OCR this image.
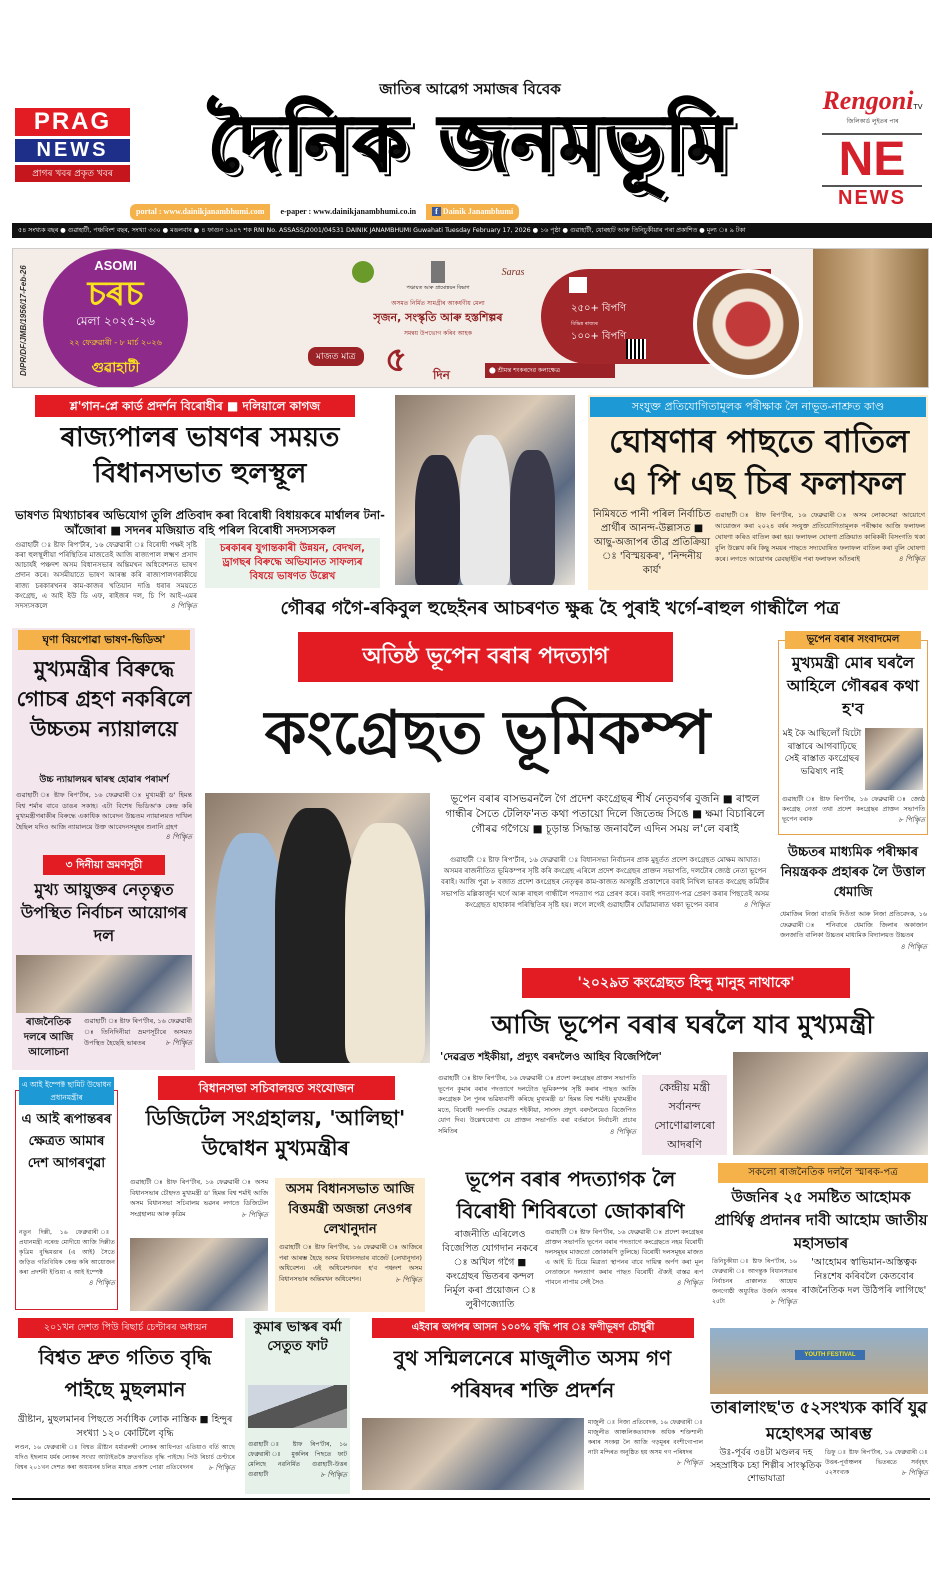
জাতিৰ আৱেগ সমাজৰ বিবেক
দৈনিক জনমভূমি
PRAG
NEWS
প্ৰাগৰ খবৰ প্ৰকৃত খবৰ
RengoniTV
জিলিকাৰ্ড লুইতৰ পাৰ
NE
NEWS
portal : www.dainikjanambhumi.com	e-paper : www.dainikjanambhumi.co.in	f Dainik Janambhumi
৫৪ সংখ্যক বছৰ ● গুৱাহাটী, পঞ্চবিংশ বছৰ, সংখ্যা ৩৩০ ● মঙলবাৰ ● ৪ ফাগুন ১৯৪৭ শক RNI No. ASSASS/2001/04531 DAINIK JANAMBHUMI Guwahati Tuesday February 17, 2026 ● ১৬ পৃষ্ঠা ● গুৱাহাটী, যোৰহাট আৰু তিনিচুকীয়াৰ পৰা প্ৰকাশিত ● মূল্য ঃ ৯ টকা
DIPR/DF/JMB/1956/17-Feb-26	ASOMI
চৰচ
মেলা ২০২৫-২৬
২২ ফেব্ৰুৱাৰী - ৮ মাৰ্চ ২০২৬
গুৱাহাটী
Saras
পঞ্চায়ত আৰু গ্ৰামোন্নয়ন বিভাগ
অসমত নিৰ্মিত সামগ্ৰীৰ আকৰ্ষণীয় মেলা
সৃজন, সংস্কৃতি আৰু হস্তশিল্পৰ
সমন্বয় উপভোগ কৰিব আহক
মাজত মাত্ৰ ৫ দিন	⬤ শ্ৰীমন্ত শংকৰদেৱ কলাক্ষেত্ৰ
২৫০+ বিপণি
বিভিন্ন ৰাজ্যৰ
১০০+ বিপণি
শ্ল'গান-প্লে কাৰ্ড প্ৰদৰ্শন বিৰোধীৰ ■ দলিয়ালে কাগজ
ৰাজ্যপালৰ ভাষণৰ সময়ত বিধানসভাত হুলস্থূল
ভাষণত মিথ্যাচাৰৰ অভিযোগ তুলি প্ৰতিবাদ কৰা বিৰোধী বিধায়কৰে মাৰ্শ্বালৰ টনা-আঁজোৰা ■ সদনৰ মজিয়াত বহি পৰিল বিৰোধী সদস্যসকল
গুৱাহাটী ঃ ষ্টাফ ৰিপ'ৰ্টাৰ, ১৬ ফেব্ৰুৱাৰী ঃ বিৰোধী পক্ষই সৃষ্টি কৰা হুলস্থূলীয়া পৰিস্থিতিৰ মাজতেই আজি ৰাজ্যপাল লক্ষ্মণ প্ৰসাদ আচাৰ্যই পঞ্চদশ অসম বিধানসভাৰ অন্তিমখন অধিবেশনত ভাষণ প্ৰদান কৰে। অসমীয়াতে ভাষণ আৰম্ভ কৰি ৰাজ্যপালগৰাকীয়ে ৰাজ্য চৰকাৰখনৰ কাম-কাজৰ খতিয়ান দাঙি ধৰাৰ সময়তে কংগ্ৰেছ, এ আই ইউ ডি এফ, ৰাইজৰ দল, চি পি আই-এমৰ সদস্যসকলে	৪ পিৠিত
চৰকাৰৰ যুগান্তকাৰী উন্নয়ন, বেদখল, ড্ৰাগছৰ বিৰুদ্ধে অভিযানত সাফল্যৰ বিষয়ে ভাষণত উল্লেখ
সংযুক্ত প্ৰতিযোগিতামূলক পৰীক্ষাক লৈ নাভূত-নাশ্ৰুত কাণ্ড
ঘোষণাৰ পাছতে বাতিল এ পি এছ চিৰ ফলাফল
নিমিষতে পানী পৰিল নিৰ্বাচিত প্ৰাৰ্থীৰ আনন্দ-উল্লাসত ■ আছু-অজাপৰ তীব্ৰ প্ৰতিক্ৰিয়া ঃ 'বিস্ময়কৰ', 'নিন্দনীয় কাৰ্য'
গুৱাহাটী ঃ ষ্টাফ ৰিপ'ৰ্টাৰ, ১৬ ফেব্ৰুৱাৰী ঃ অসম লোকসেৱা আয়োগে আয়োজন কৰা ২০২৪ বৰ্ষৰ সংযুক্ত প্ৰতিযোগিতামূলক পৰীক্ষাৰ আজি ফলাফল ঘোষণা কৰিও বাতিল কৰা হয়। ফলাফল ঘোষণা প্ৰক্ৰিয়াত কাৰিকৰী বিসংগতি থকা বুলি উল্লেখ কৰি কিছু সময়ৰ পাছতে সদ্যঘোষিত ফলাফল বাতিল কৰা বুলি ঘোষণা কৰে। লগতে আয়োগৰ ৱেবছাইটৰ পৰা ফলাফল আঁতৰাই	৪ পিৠিত
গৌৰৱ গগৈ-ৰকিবুল হুছেইনৰ আচৰণত ক্ষুব্ধ হৈ পুৰাই খৰ্গে-ৰাহুল গান্ধীলৈ পত্ৰ
ঘৃণা বিয়পোৱা ভাষণ-ভিডিঅ'
মুখ্যমন্ত্ৰীৰ বিৰুদ্ধে গোচৰ গ্ৰহণ নকৰিলে উচ্চতম ন্যায়ালয়ে
উচ্চ ন্যায়ালয়ৰ দ্বাৰস্থ হোৱাৰ পৰামৰ্শ
গুৱাহাটী ঃ ষ্টাফ ৰিপ'ৰ্টাৰ, ১৬ ফেব্ৰুৱাৰী ঃ মুখ্যমন্ত্ৰী ড' হিমন্ত বিশ্ব শৰ্মাৰ বাবে ডাঙৰ সকাহ। এটা বিশেষ ভিডিঅ'ক কেন্দ্ৰ কৰি মুখ্যমন্ত্ৰীগৰাকীৰ বিৰুদ্ধে একাধিক আবেদন উচ্চতম ন্যায়ালয়ত দাখিল হৈছিল যদিও আজি ন্যায়ালয়ে উক্ত আবেদনসমূহৰ শুনানি গ্ৰহণ
৪ পিৠিত
৩ দিনীয়া ভ্ৰমণসূচী
মুখ্য আয়ুক্তৰ নেতৃত্বত উপস্থিত নিৰ্বাচন আয়োগৰ দল
ৰাজনৈতিক দলৰে আজি আলোচনা
গুৱাহাটী ঃ ষ্টাফ ৰিপ'ৰ্টাৰ, ১৬ ফেব্ৰুৱাৰী ঃ তিনিদিনীয়া ভ্ৰমণসূচীৰে অসমত উপস্থিত হৈছেহি ভাৰতৰ	৮ পিৠিত
অতিষ্ঠ ভূপেন বৰাৰ পদত্যাগ
কংগ্ৰেছত ভূমিকম্প
ভূপেন বৰাৰ বাসভৱনলৈ গৈ প্ৰদেশ কংগ্ৰেছৰ শীৰ্ষ নেতৃবৰ্গৰ বুজনি ■ ৰাহুল গান্ধীৰ সৈতে টেলিফ'নত কথা পতায়ো দিলে জিতেন্দ্ৰ সিঙে ■ ক্ষমা বিচাৰিলে গৌৰৱ গগৈয়ে ■ চূড়ান্ত সিদ্ধান্ত জনাবলৈ এদিন সময় ল'লে বৰাই
গুৱাহাটী ঃ ষ্টাফ ৰিপ'ৰ্টাৰ, ১৬ ফেব্ৰুৱাৰী ঃ বিধানসভা নিৰ্বাচনৰ প্ৰাক মুহূৰ্তত প্ৰদেশ কংগ্ৰেছত মোক্ষম আঘাত। অসমৰ ৰাজনীতিত ভূমিকম্পৰ সৃষ্টি কৰি কংগ্ৰেছ এৰিলে প্ৰদেশ কংগ্ৰেছৰ প্ৰাক্তন সভাপতি, দলটোৰ জ্যেষ্ঠ নেতা ভূপেন বৰাই। আজি পুৱা ৮ বজাত প্ৰদেশ কংগ্ৰেছৰ নেতৃত্বৰ কাম-কাজত অসন্তুষ্টি প্ৰকাশেৰে বৰাই নিখিল ভাৰত কংগ্ৰেছ কমিটীৰ সভাপতি মল্লিকাৰ্জুন খৰ্গে আৰু ৰাহুল গান্ধীলৈ পদত্যাগ পত্ৰ প্ৰেৰণ কৰে। বৰাই পদত্যাগ-পত্ৰ প্ৰেৰণ কৰাৰ পিছতেই অসম কংগ্ৰেছত হাহাকাৰ পৰিস্থিতিৰ সৃষ্টি হয়। লগে লগেই গুৱাহাটীৰ ঘোঁৱামাৰাত থকা ভূপেন বৰাৰ	৪ পিৠিত
ভূপেন বৰাৰ সংবাদমেল
মুখ্যমন্ত্ৰী মোৰ ঘৰলৈ আহিলে গৌৰৱৰ কথা হ'ব
মই কৈ আছিলোঁ যিটো ৰাস্তাৰে আগবাঢ়িছে সেই ৰাস্তাত কংগ্ৰেছৰ ভৱিষ্যৎ নাই
গুৱাহাটী ঃ ষ্টাফ ৰিপ'ৰ্টাৰ, ১৬ ফেব্ৰুৱাৰী ঃ জ্যেষ্ঠ কংগ্ৰেছ নেতা তথা প্ৰদেশ কংগ্ৰেছৰ প্ৰাক্তন সভাপতি ভূপেন বৰাক	৮ পিৠিত
উচ্চতৰ মাধ্যমিক পৰীক্ষাৰ নিয়ন্ত্ৰকক প্ৰহাৰক লৈ উত্তাল ধেমাজি
ধেমাজিৰ নিজা বাতৰি দিওঁতা আৰু নিজা প্ৰতিবেদক, ১৬ ফেব্ৰুৱাৰী ঃ শনিবাৰে ধেমাজি জিলাৰ অকাজান জনজাতি বালিকা উচ্চতৰ মাধ্যমিক বিদ্যালয়ত উচ্চতৰ
৪ পিৠিত
'২০২৯ত কংগ্ৰেছত হিন্দু মানুহ নাথাকে'
আজি ভূপেন বৰাৰ ঘৰলৈ যাব মুখ্যমন্ত্ৰী
'দেৱব্ৰত শইকীয়া, প্ৰদ্যুৎ বৰদলৈও আহিব বিজেপিলৈ'
গুৱাহাটী ঃ ষ্টাফ ৰিপ'ৰ্টাৰ, ১৬ ফেব্ৰুৱাৰী ঃ প্ৰদেশ কংগ্ৰেছৰ প্ৰাক্তন সভাপতি ভূপেন কুমাৰ বৰাৰ পদত্যাগে দলটোত ভূমিকম্পৰ সৃষ্টি কৰাৰ পাছত আজি কংগ্ৰেছক লৈ পুনৰ ভৱিষ্যবাণী কৰিছে মুখ্যমন্ত্ৰী ড' হিমন্ত বিশ্ব শৰ্মাই। মুখ্যমন্ত্ৰীৰ মতে, বিৰোধী দলপতি দেৱব্ৰত শইকীয়া, সাংসদ প্ৰদ্যুৎ বৰদলৈয়েও বিজেপিত যোগ দিব। উল্লেখযোগ্য যে প্ৰাক্তন সভাপতি বৰা বৰ্তমানে নিৰ্বাচনী প্ৰচাৰ সমিতিৰ	৪ পিৠিত
কেন্দ্ৰীয় মন্ত্ৰী সৰ্বানন্দ সোণোৱালৰো আদৰণি
এ আই ইম্পেক্ট ছামিট উদ্বোধন প্ৰধানমন্ত্ৰীৰ
এ আই ৰূপান্তৰৰ ক্ষেত্ৰত আমাৰ দেশ আগৰণুৱা
নতুন দিল্লী, ১৬ ফেব্ৰুৱাৰী ঃ প্ৰধানমন্ত্ৰী নৰেন্দ্ৰ মোদীয়ে আজি দিল্লীত কৃত্ৰিম বুদ্ধিমত্তাৰ (এ আই) সৈতে জড়িত গতিবিধিক কেন্দ্ৰ কৰি আয়োজন কৰা প্ৰদৰ্শনী ইণ্ডিয়া এ আই ইম্পেক্ট
৪ পিৠিত
বিধানসভা সচিবালয়ত সংযোজন
ডিজিটেল সংগ্ৰহালয়, 'আলিছা' উদ্বোধন মুখ্যমন্ত্ৰীৰ
গুৱাহাটী ঃ ষ্টাফ ৰিপ'ৰ্টাৰ, ১৬ ফেব্ৰুৱাৰী ঃ অসম বিধানসভাৰ চৌহদত মুখ্যমন্ত্ৰী ড' হিমন্ত বিশ্ব শৰ্মাই আজি অসম বিধানসভা সচিবালয় ভৱনৰ লগতে ডিজিটেল সংগ্ৰহালয় আৰু কৃত্ৰিম	৮ পিৠিত
অসম বিধানসভাত আজি বিত্তমন্ত্ৰী অজন্তা নেওগৰ লেখানুদান
গুৱাহাটী ঃ ষ্টাফ ৰিপ'ৰ্টাৰ, ১৬ ফেব্ৰুৱাৰী ঃ আজিৰে পৰা আৰম্ভ হৈছে অসম বিধানসভাৰ বাজেট (লেখানুদান) অধিবেশন। এই অধিবেশনখন হ'ব পঞ্চদশ অসম বিধানসভাৰ অন্তিমখন অধিবেশন।	৮ পিৠিত
ভূপেন বৰাৰ পদত্যাগক লৈ বিৰোধী শিবিৰতো জোকাৰণি
ৰাজনীতি এৰিলেও বিজেপিত যোগদান নকৰে ঃ অখিল গগৈ ■ কংগ্ৰেছৰ ভিতৰৰ কন্দল নিৰ্মূল কৰা প্ৰয়োজন ঃ লুৰীণজ্যোতি
গুৱাহাটী ঃ ষ্টাফ ৰিপ'ৰ্টাৰ, ১৬ ফেব্ৰুৱাৰী ঃ প্ৰদেশ কংগ্ৰেছৰ প্ৰাক্তন সভাপতি ভূপেন বৰাৰ পদত্যাগে কংগ্ৰেছতে নহয় বিৰোধী দলসমূহৰ মাজতো জোকাৰণি তুলিছে। বিৰোধী দলসমূহৰ মাজত এ আই চি চিয়ে মিত্ৰতা স্থাপনৰ বাবে দায়িত্ব অৰ্পণ কৰা মূল নেতাজনে দলত্যাগ কৰাৰ পাছত বিৰোধী ঐক্যই বাস্তৱ ৰূপ পাবনে নাপায় সেই সৈও	৪ পিৠিত
সকলো ৰাজনৈতিক দললৈ স্মাৰক-পত্ৰ
উজনিৰ ২৫ সমষ্টিত আহোমক প্ৰাৰ্থিত্ব প্ৰদানৰ দাবী আহোম জাতীয় মহাসভাৰ
তিনিচুকীয়া ঃ ষ্টাফ ৰিপ'ৰ্টাৰ, ১৬ ফেব্ৰুৱাৰী ঃ আগন্তুক বিধানসভাৰ নিৰ্বাচনৰ প্ৰাক্কালত আহোম জনগোষ্ঠী অধ্যুষিত উজনি অসমৰ ২৫টা	৮ পিৠিত
'আহোমৰ স্বাভিমান-অস্তিত্বক নিঃশেষ কৰিবলৈ কেতবোৰ ৰাজনৈতিক দল উঠিপৰি লাগিছে'
২০১খন দেশত পিউ ৰিছাৰ্চ চেণ্টাৰৰ অধ্যয়ন
বিশ্বত দ্ৰুত গতিত বৃদ্ধি পাইছে মুছলমান
খ্ৰীষ্টান, মুছলমানৰ পিছতে সৰ্বাধিক লোক নাস্তিক ■ হিন্দুৰ সংখ্যা ১২০ কোটিলৈ বৃদ্ধি
লণ্ডন, ১৬ ফেব্ৰুৱাৰী ঃ বিশ্বত খ্ৰীষ্টান ধৰ্মাৱলম্বী লোকৰ আধিপত্য এতিয়াও বৰ্তি আছে যদিও ইছলাম ধৰ্মৰ লোকৰ সংখ্যা আটাইতকৈ দ্ৰুতগতিত বৃদ্ধি পাইছে। পিউ ৰিচাৰ্চ চেণ্টাৰে বিশ্বৰ ২০১খন দেশত কৰা অধ্যয়নৰ চলিত মাহত প্ৰকাশ পোৱা প্ৰতিবেদনৰ ৮ পিৠিত
কুমাৰ ভাস্কৰ বৰ্মা সেতুত ফাট
গুৱাহাটী ঃ ষ্টাফ ৰিপ'ৰ্টাৰ, ১৬ ফেব্ৰুৱাৰী ঃ মুকলিৰ পিছতে ফাট মেলিছে নৱনিৰ্মিত গুৱাহাটী-উত্তৰ গুৱাহাটী	৮ পিৠিত
এইবাৰ অগপৰ আসন ১০০% বৃদ্ধি পাব ঃ ফণীভূষণ চৌধুৰী
বুথ সন্মিলনেৰে মাজুলীত অসম গণ পৰিষদৰ শক্তি প্ৰদৰ্শন
মাজুলী ঃ নিজা প্ৰতিবেদক, ১৬ ফেব্ৰুৱাৰী ঃ মাজুলীত আঞ্চলিকতাবাদক অধিক শক্তিশালী কৰাৰ সংকল্প লৈ আজি গড়মূৰৰ বংশীগোপাল নাট্য মন্দিৰত অনুষ্ঠিত হয় অসম গণ পৰিষদৰ
৮ পিৠিত
YOUTH FESTIVAL
তাৰালাংছ'ত ৫২সংখ্যক কাৰ্বি যুৱ মহোৎসৱ আৰম্ভ
উঃ-পূৰ্বৰ ৩৪টা মণ্ডলৰ দহ সহস্ৰাধিক চহা শিল্পীৰ সাংস্কৃতিক শোভাযাত্ৰা
ডিফু ঃ ষ্টাফ ৰিপ'ৰ্টাৰ, ১৬ ফেব্ৰুৱাৰী ঃ উত্তৰ-পূৰ্বাঞ্চলৰ ভিতৰতে সৰ্ববৃহৎ ৫২সংখ্যক	৮ পিৠিত
